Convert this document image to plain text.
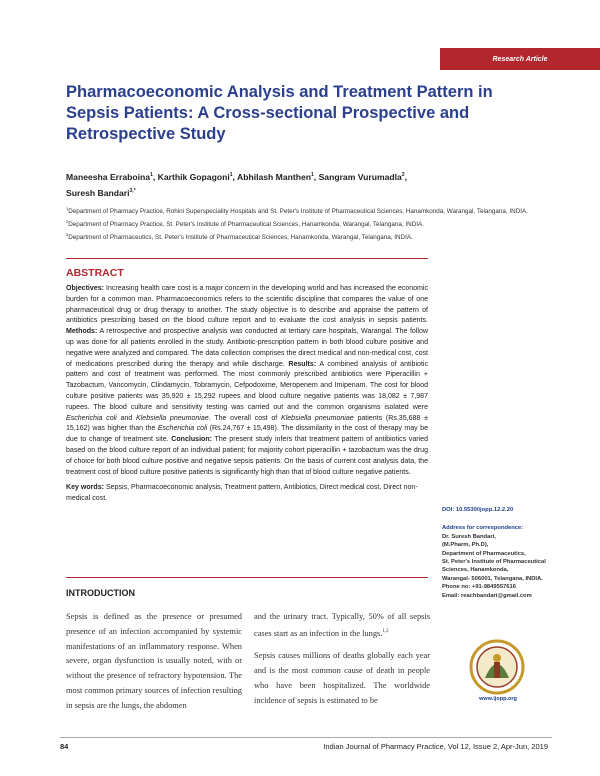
Research Article
Pharmacoeconomic Analysis and Treatment Pattern in Sepsis Patients: A Cross-sectional Prospective and Retrospective Study
Maneesha Erraboina$^1$, Karthik Gopagoni$^1$, Abhilash Manthen$^1$, Sangram Vurumadla$^2$,
Suresh Bandari$^{3,*}$

$^1$Department of Pharmacy Practice, Rohini Superspeciality Hospitals and St. Peter's Institute of Pharmaceutical Sciences, Hanamkonda, Warangal, Telangana, INDIA.

$^2$Department of Pharmacy Practice, St. Peter's Institute of Pharmaceutical Sciences, Hanamkonda, Warangal, Telangana, INDIA.

$^3$Department of Pharmaceutics, St. Peter's Institute of Pharmaceutical Sciences, Hanamkonda, Warangal, Telangana, INDIA.

ABSTRACT

Objectives: Increasing health care cost is a major concern in the developing world and has increased the economic burden for a common man. Pharmacoeconomics refers to the scientific discipline that compares the value of one pharmaceutical drug or drug therapy to another. The study objective is to describe and appraise the pattern of antibiotics prescribing based on the blood culture report and to evaluate the cost analysis in sepsis patients. Methods: A retrospective and prospective analysis was conducted at tertiary care hospitals, Warangal. The follow up was done for all patients enrolled in the study. Antibiotic-prescription pattern in both blood culture positive and negative were analyzed and compared. The data collection comprises the direct medical and non-medical cost, cost of medications prescribed during the therapy and while discharge. Results: A combined analysis of antibiotic pattern and cost of treatment was performed. The most commonly prescribed antibiotics were Piperacillin + Tazobactum, Vancomycin, Clindamycin, Tobramycin, Cefpodoxime, Meropenem and Imipenam. The cost for blood culture positive patients was 35,920 ± 15,292 rupees and blood culture negative patients was 18,082 ± 7,987 rupees. The blood culture and sensitivity testing was carried out and the common organisms isolated were Escherichia coli and Klebsiella pneumoniae. The overall cost of Klebsiella pneumoniae patients (Rs.35,688 ± 15,162) was higher than the Escherichia coli (Rs.24,767 ± 15,498). The dissimilarity in the cost of therapy may be due to change of treatment site. Conclusion: The present study infers that treatment pattern of antibiotics varied based on the blood culture report of an individual patient; for majority cohort piperacillin + tazobactum was the drug of choice for both blood culture positive and negative sepsis patients. On the basis of current cost analysis data, the treatment cost of blood culture positive patients is significantly high than that of blood culture negative patients.

Key words: Sepsis, Pharmacoeconomic analysis, Treatment pattern, Antibiotics, Direct medical cost, Direct non-medical cost.

DOI: 10.5530/ijopp.12.2.20
Address for correspondence:

Dr. Suresh Bandari,

(M.Pharm, Ph.D),

Department of Pharmaceutics,

St. Peter's Institute of Pharmaceutical Sciences, Hanamkonda,

Warangal- 506001, Telangana, INDIA.

Phone no: +91-9849557616

Email: reachbandari@gmail.com

www.ijopp.org
INTRODUCTION

Sepsis is defined as the presence or presumed presence of an infection accompanied by systemic manifestations of an inflammatory response. When severe, organ dysfunction is usually noted, with or without the presence of refractory hypotension. The most common primary sources of infection resulting in sepsis are the lungs, the abdomen

and the urinary tract. Typically, 50% of all sepsis cases start as an infection in the lungs.$^{1,2}$

Sepsis causes millions of deaths globally each year and is the most common cause of death in people who have been hospitalized. The worldwide incidence of sepsis is estimated to be

84	Indian Journal of Pharmacy Practice, Vol 12, Issue 2, Apr-Jun, 2019
